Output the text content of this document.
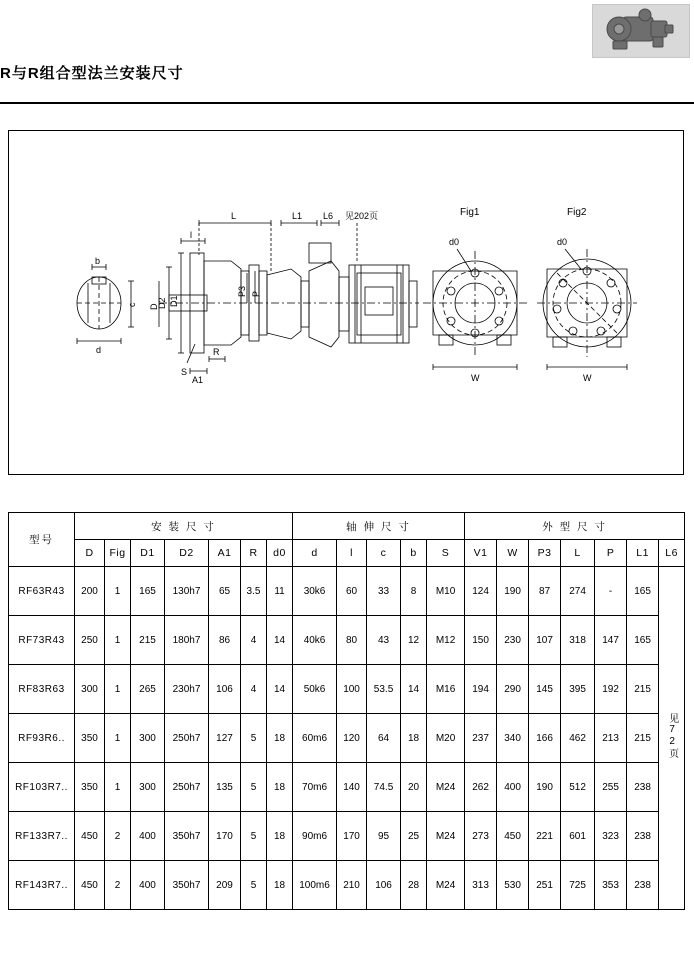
R与R组合型法兰安装尺寸
b
c
d
S
D1
D2
D
P3 P
A1
R
l
L	L1 L6 见202页	Fig1
d0
W
Fig2
d0
W
型号	安 装 尺 寸							轴 伸 尺 寸					外 型 尺 寸						
	D	Fig	D1	D2	A1	R	d0	d	l	c	b	S	V1	W	P3	L	P	L1	L6
RF63R43	200	1	165	130h7	65	3.5	11	30k6	60	33	8	M10	124	190	87	274	-	165	见72页
RF73R43	250	1	215	180h7	86	4	14	40k6	80	43	12	M12	150	230	107	318	147	165	
RF83R63	300	1	265	230h7	106	4	14	50k6	100	53.5	14	M16	194	290	145	395	192	215	
RF93R6..	350	1	300	250h7	127	5	18	60m6	120	64	18	M20	237	340	166	462	213	215	
RF103R7..	350	1	300	250h7	135	5	18	70m6	140	74.5	20	M24	262	400	190	512	255	238	
RF133R7..	450	2	400	350h7	170	5	18	90m6	170	95	25	M24	273	450	221	601	323	238	
RF143R7..	450	2	400	350h7	209	5	18	100m6	210	106	28	M24	313	530	251	725	353	238	
